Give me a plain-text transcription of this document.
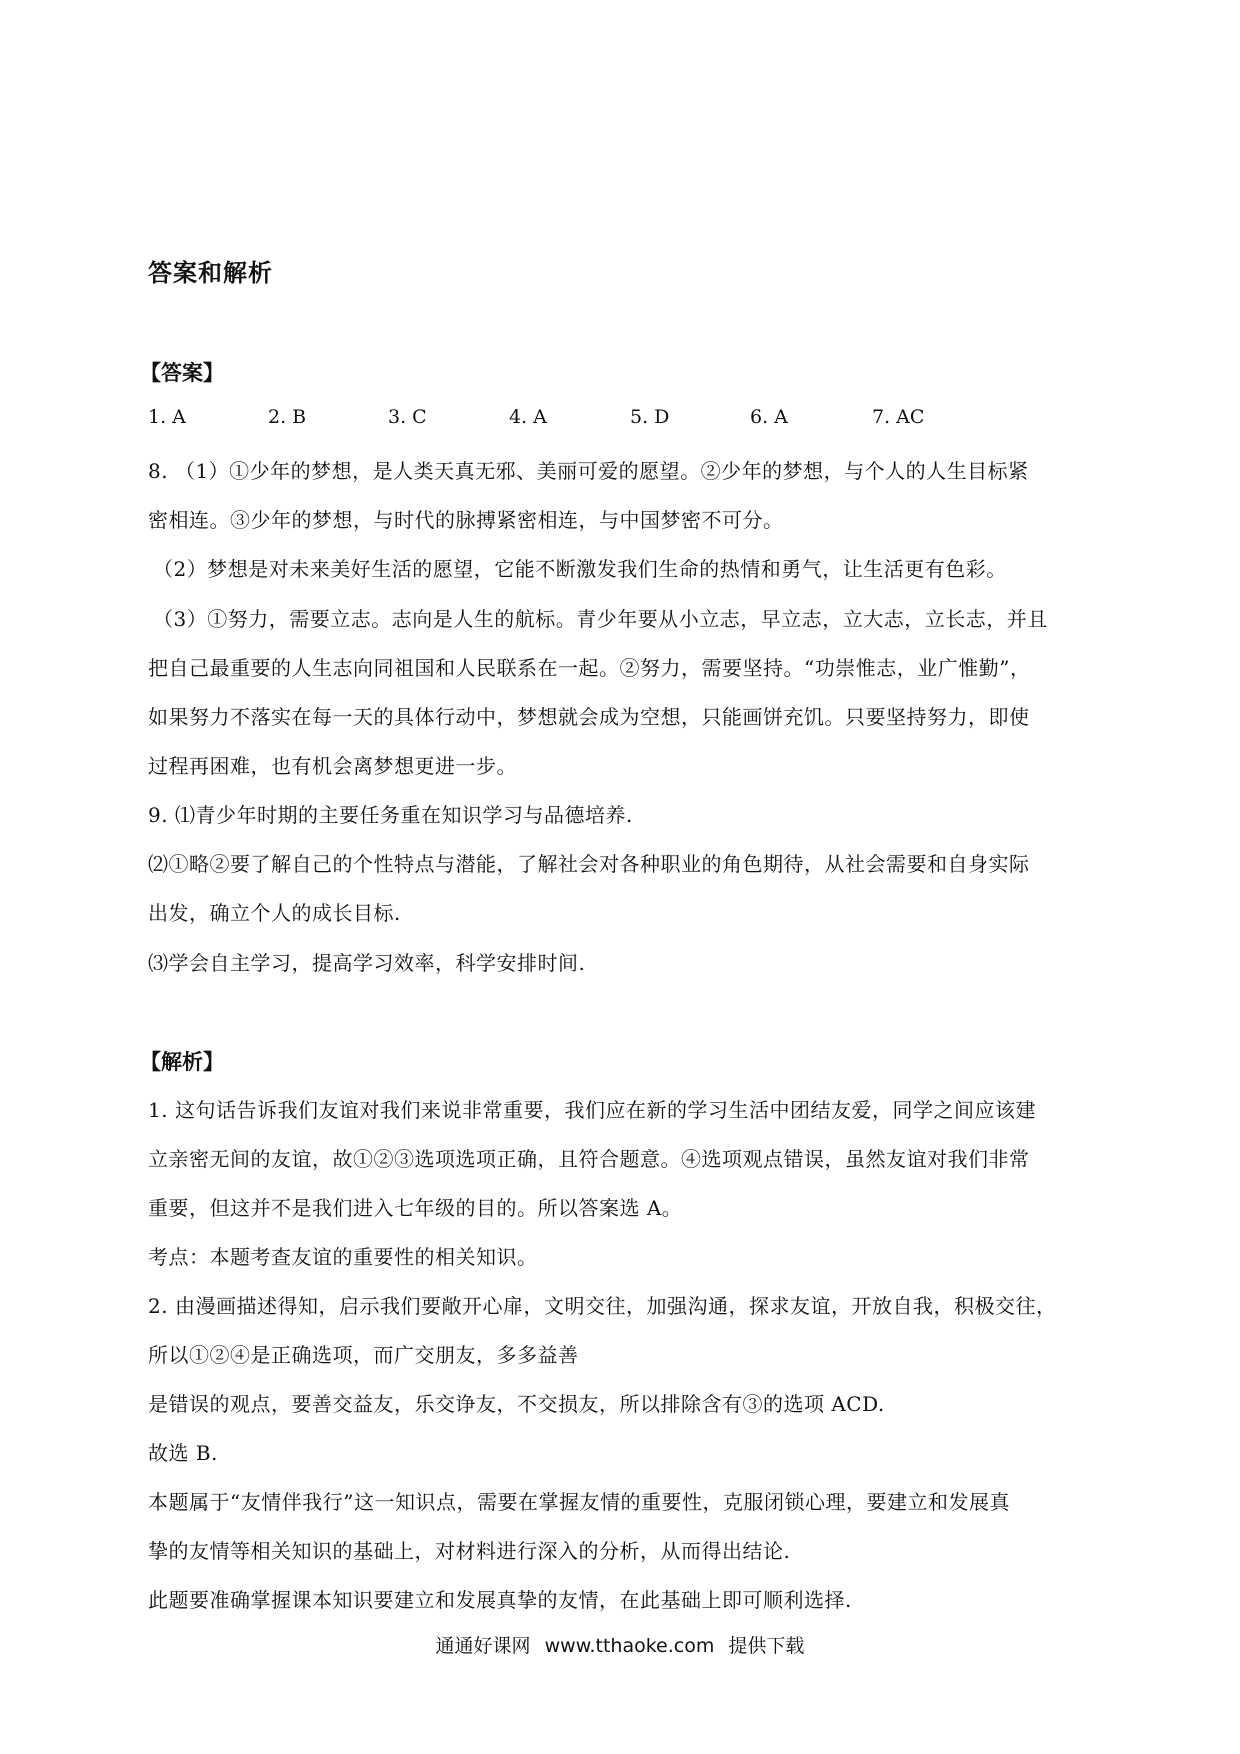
答案和解析
【答案】
1. A	2. B	3. C	4. A	5. D	6. A	7. AC
8. （1）①少年的梦想，是人类天真无邪、美丽可爱的愿望。②少年的梦想，与个人的人生目标紧
密相连。③少年的梦想，与时代的脉搏紧密相连，与中国梦密不可分。
（2）梦想是对未来美好生活的愿望，它能不断激发我们生命的热情和勇气，让生活更有色彩。
（3）①努力，需要立志。志向是人生的航标。青少年要从小立志，早立志，立大志，立长志，并且
把自己最重要的人生志向同祖国和人民联系在一起。②努力，需要坚持。“功崇惟志，业广惟勤”，
如果努力不落实在每一天的具体行动中，梦想就会成为空想，只能画饼充饥。只要坚持努力，即使
过程再困难，也有机会离梦想更进一步。
9. ⑴青少年时期的主要任务重在知识学习与品德培养.
⑵①略②要了解自己的个性特点与潜能，了解社会对各种职业的角色期待，从社会需要和自身实际
出发，确立个人的成长目标.
⑶学会自主学习，提高学习效率，科学安排时间.
【解析】
1. 这句话告诉我们友谊对我们来说非常重要，我们应在新的学习生活中团结友爱，同学之间应该建
立亲密无间的友谊，故①②③选项选项正确，且符合题意。④选项观点错误，虽然友谊对我们非常
重要，但这并不是我们进入七年级的目的。所以答案选 A。
考点：本题考查友谊的重要性的相关知识。
2. 由漫画描述得知，启示我们要敞开心扉，文明交往，加强沟通，探求友谊，开放自我，积极交往，
所以①②④是正确选项，而广交朋友，多多益善
是错误的观点，要善交益友，乐交诤友，不交损友，所以排除含有③的选项 ACD.
故选 B.
本题属于“友情伴我行”这一知识点，需要在掌握友情的重要性，克服闭锁心理，要建立和发展真
挚的友情等相关知识的基础上，对材料进行深入的分析，从而得出结论.
此题要准确掌握课本知识要建立和发展真挚的友情，在此基础上即可顺利选择.
通通好课网 www.tthaoke.com 提供下载
